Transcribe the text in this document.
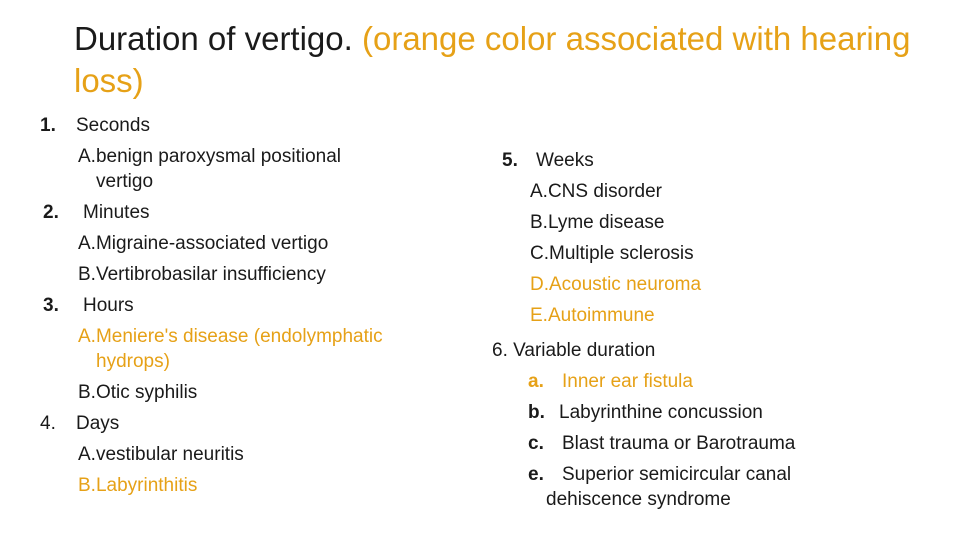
Duration of vertigo. (orange color associated with hearing loss)
1. Seconds
A.benign paroxysmal positional
vertigo
2. Minutes
A.Migraine-associated vertigo
B.Vertibrobasilar insufficiency
3. Hours
A.Meniere's disease (endolymphatic
hydrops)
B.Otic syphilis
4. Days
A.vestibular neuritis
B.Labyrinthitis
5. Weeks
A.CNS disorder
B.Lyme disease
C.Multiple sclerosis
D.Acoustic neuroma
E.Autoimmune
6. Variable duration
a. Inner ear fistula
b. Labyrinthine concussion
c. Blast trauma or Barotrauma
e. Superior semicircular canal
dehiscence syndrome
